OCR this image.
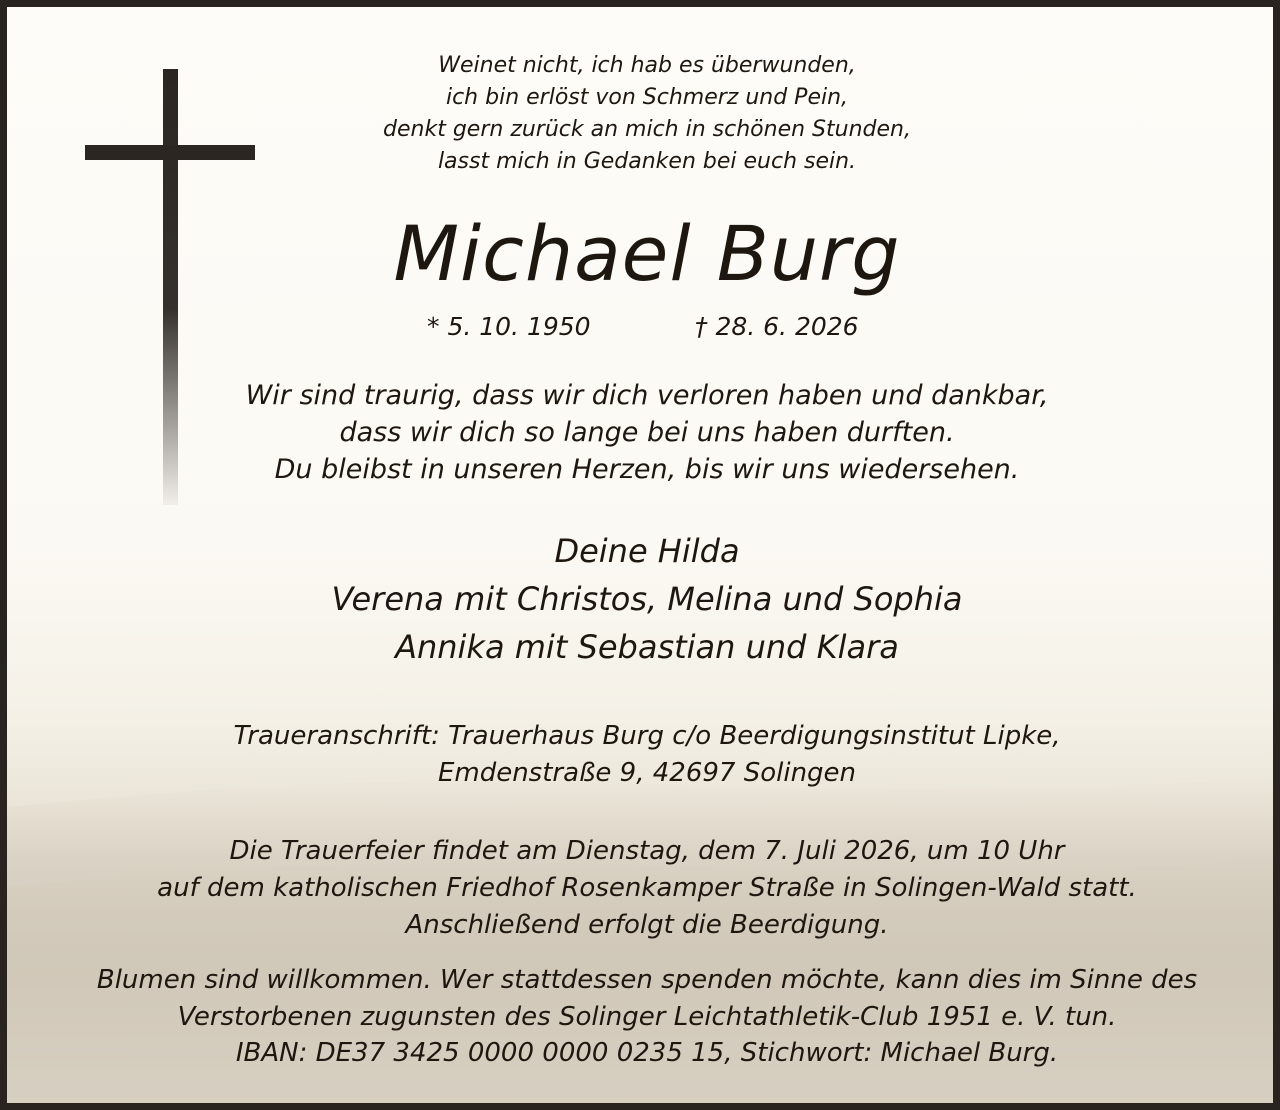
Weinet nicht, ich hab es überwunden,
ich bin erlöst von Schmerz und Pein,
denkt gern zurück an mich in schönen Stunden,
lasst mich in Gedanken bei euch sein.
Michael Burg
* 5. 10. 1950	† 28. 6. 2026
Wir sind traurig, dass wir dich verloren haben und dankbar,
dass wir dich so lange bei uns haben durften.
Du bleibst in unseren Herzen, bis wir uns wiedersehen.
Deine Hilda
Verena mit Christos, Melina und Sophia
Annika mit Sebastian und Klara
Traueranschrift: Trauerhaus Burg c/o Beerdigungsinstitut Lipke,
Emdenstraße 9, 42697 Solingen
Die Trauerfeier findet am Dienstag, dem 7. Juli 2026, um 10 Uhr
auf dem katholischen Friedhof Rosenkamper Straße in Solingen-Wald statt.
Anschließend erfolgt die Beerdigung.
Blumen sind willkommen. Wer stattdessen spenden möchte, kann dies im Sinne des
Verstorbenen zugunsten des Solinger Leichtathletik-Club 1951 e. V. tun.
IBAN: DE37 3425 0000 0000 0235 15, Stichwort: Michael Burg.
